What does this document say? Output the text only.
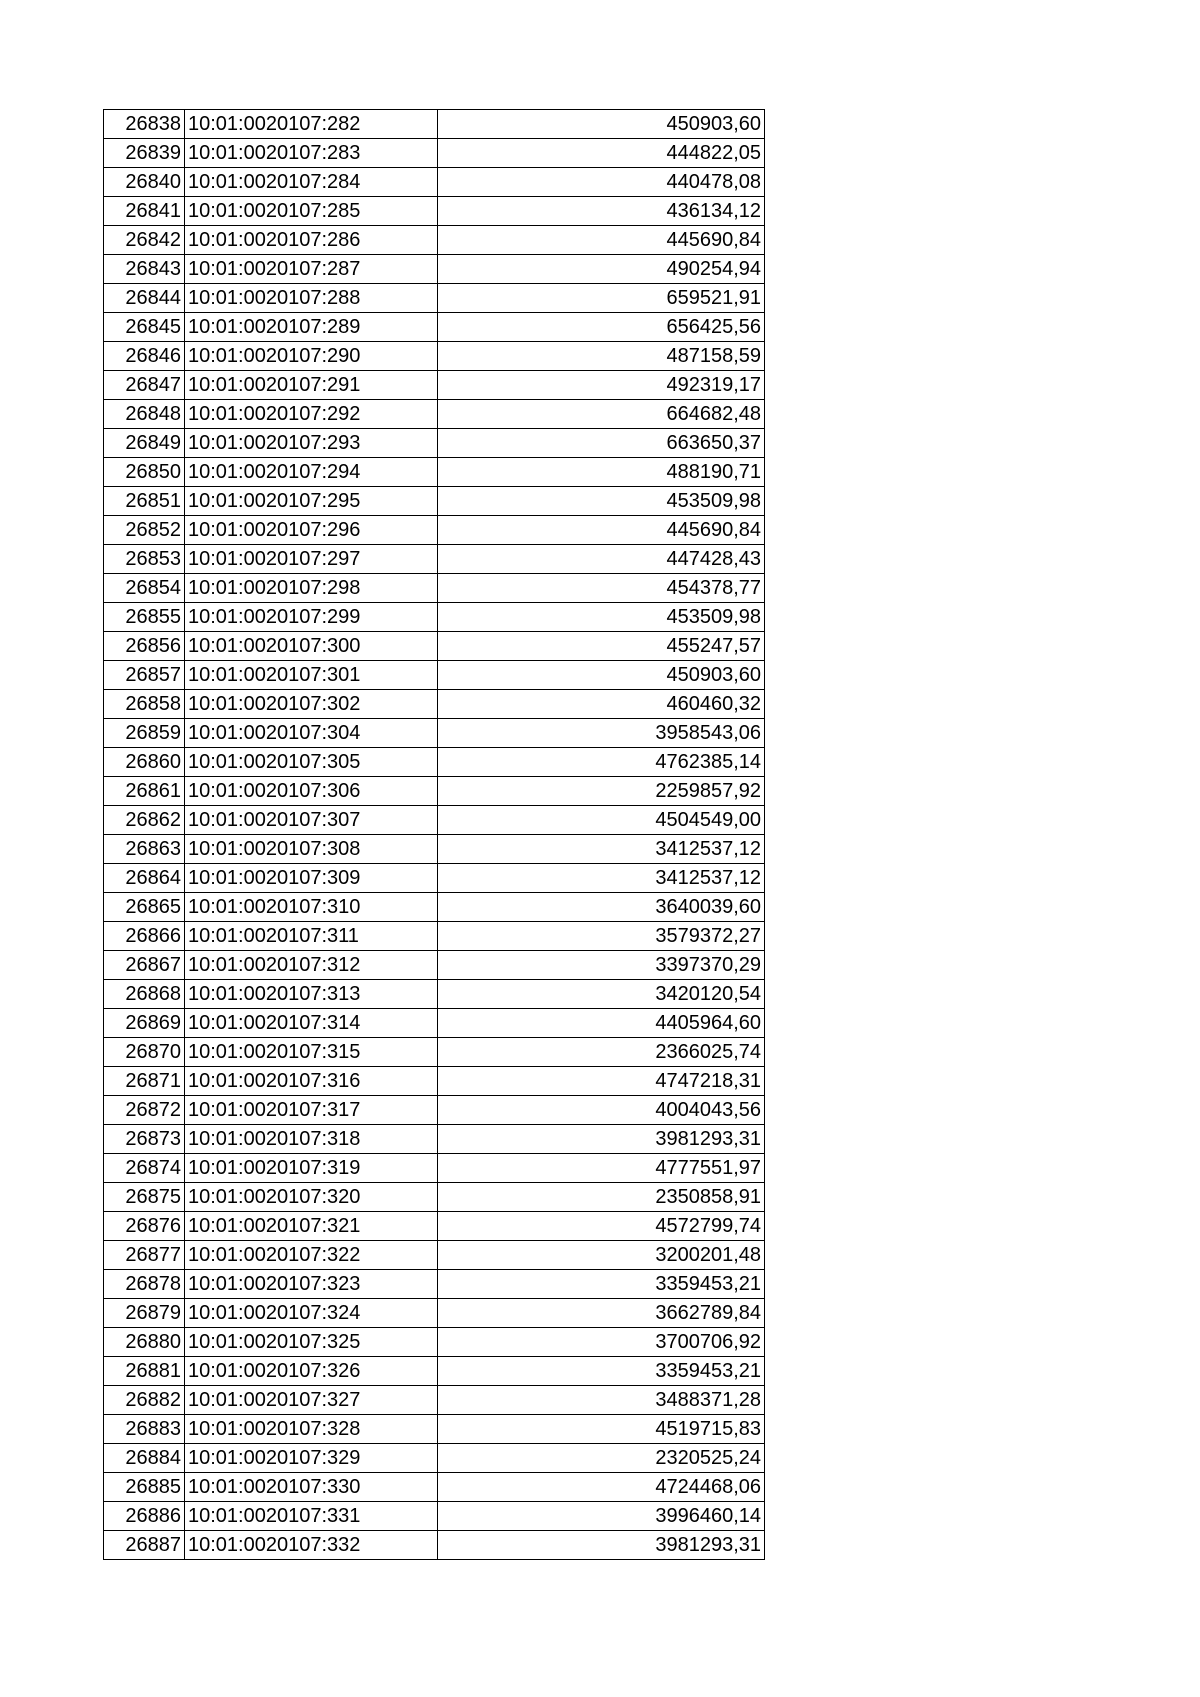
26838	10:01:0020107:282	450903,60
26839	10:01:0020107:283	444822,05
26840	10:01:0020107:284	440478,08
26841	10:01:0020107:285	436134,12
26842	10:01:0020107:286	445690,84
26843	10:01:0020107:287	490254,94
26844	10:01:0020107:288	659521,91
26845	10:01:0020107:289	656425,56
26846	10:01:0020107:290	487158,59
26847	10:01:0020107:291	492319,17
26848	10:01:0020107:292	664682,48
26849	10:01:0020107:293	663650,37
26850	10:01:0020107:294	488190,71
26851	10:01:0020107:295	453509,98
26852	10:01:0020107:296	445690,84
26853	10:01:0020107:297	447428,43
26854	10:01:0020107:298	454378,77
26855	10:01:0020107:299	453509,98
26856	10:01:0020107:300	455247,57
26857	10:01:0020107:301	450903,60
26858	10:01:0020107:302	460460,32
26859	10:01:0020107:304	3958543,06
26860	10:01:0020107:305	4762385,14
26861	10:01:0020107:306	2259857,92
26862	10:01:0020107:307	4504549,00
26863	10:01:0020107:308	3412537,12
26864	10:01:0020107:309	3412537,12
26865	10:01:0020107:310	3640039,60
26866	10:01:0020107:311	3579372,27
26867	10:01:0020107:312	3397370,29
26868	10:01:0020107:313	3420120,54
26869	10:01:0020107:314	4405964,60
26870	10:01:0020107:315	2366025,74
26871	10:01:0020107:316	4747218,31
26872	10:01:0020107:317	4004043,56
26873	10:01:0020107:318	3981293,31
26874	10:01:0020107:319	4777551,97
26875	10:01:0020107:320	2350858,91
26876	10:01:0020107:321	4572799,74
26877	10:01:0020107:322	3200201,48
26878	10:01:0020107:323	3359453,21
26879	10:01:0020107:324	3662789,84
26880	10:01:0020107:325	3700706,92
26881	10:01:0020107:326	3359453,21
26882	10:01:0020107:327	3488371,28
26883	10:01:0020107:328	4519715,83
26884	10:01:0020107:329	2320525,24
26885	10:01:0020107:330	4724468,06
26886	10:01:0020107:331	3996460,14
26887	10:01:0020107:332	3981293,31
